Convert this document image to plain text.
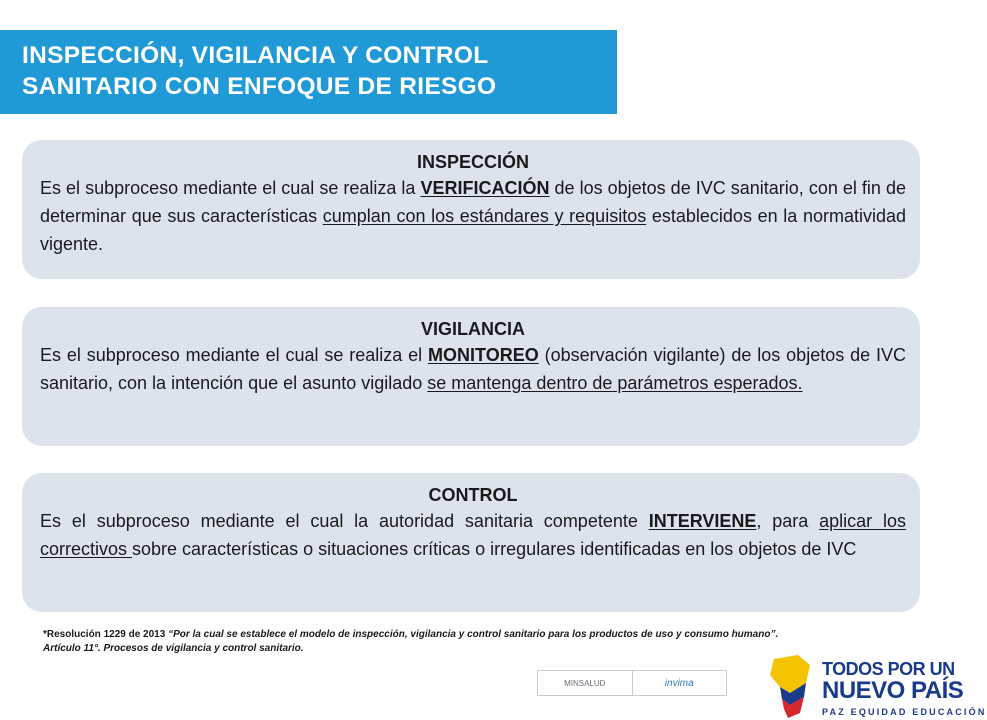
INSPECCIÓN, VIGILANCIA Y CONTROL
SANITARIO CON ENFOQUE DE RIESGO
INSPECCIÓN
Es el subproceso mediante el cual se realiza la VERIFICACIÓN de los objetos de IVC sanitario, con el fin de determinar que sus características cumplan con los estándares y requisitos establecidos en la normatividad vigente.
VIGILANCIA
Es el subproceso mediante el cual se realiza el MONITOREO (observación vigilante) de los objetos de IVC sanitario, con la intención que el asunto vigilado se mantenga dentro de parámetros esperados.
CONTROL
Es el subproceso mediante el cual la autoridad sanitaria competente INTERVIENE, para aplicar los correctivos sobre características o situaciones críticas o irregulares identificadas en los objetos de IVC
*Resolución 1229 de 2013 “Por la cual se establece el modelo de inspección, vigilancia y control sanitario para los productos de uso y consumo humano”.
Artículo 11°. Procesos de vigilancia y control sanitario.
MINSALUD	invima
TODOS POR UN
NUEVO PAÍS
PAZ EQUIDAD EDUCACIÓN
